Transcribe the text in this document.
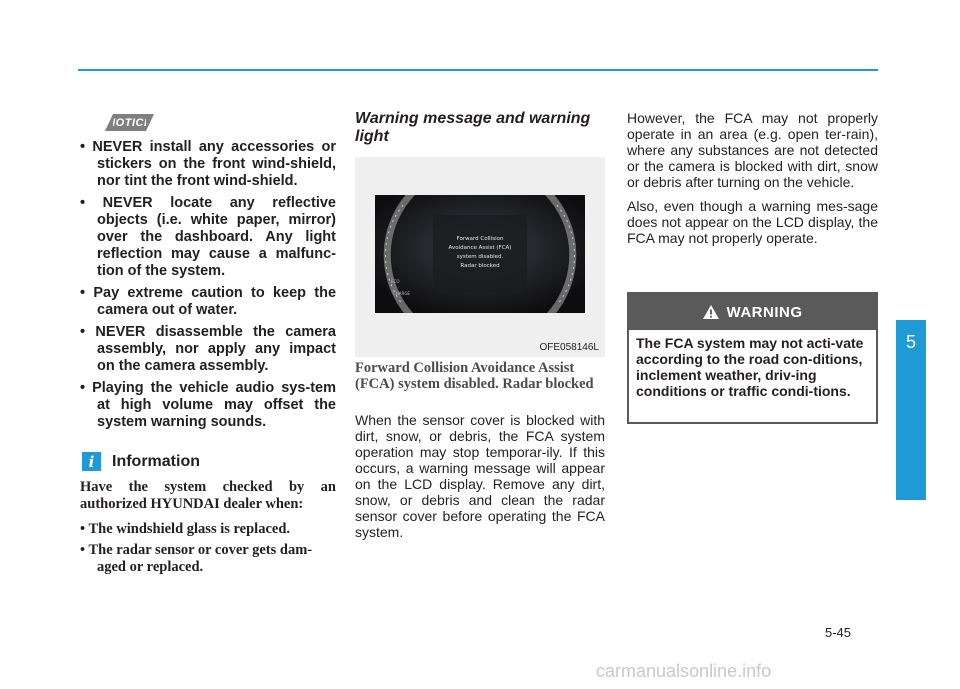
NOTICE
• NEVER install any accessories or stickers on the front wind-shield, nor tint the front wind-shield.
• NEVER locate any reflective objects (i.e. white paper, mirror) over the dashboard. Any light reflection may cause a malfunc-tion of the system.
• Pay extreme caution to keep the camera out of water.
• NEVER disassemble the camera assembly, nor apply any impact on the camera assembly.
• Playing the vehicle audio sys-tem at high volume may offset the system warning sounds.
i	Information

Have the system checked by an authorized HYUNDAI dealer when:

• The windshield glass is replaced.
• The radar sensor or cover gets dam-aged or replaced.
Warning message and warning light
Forward Collision
Avoidance Assist (FCA)
system disabled.
Radar blocked
ECO
CHARGE
OFE058146L
Forward Collision Avoidance Assist (FCA) system disabled. Radar blocked
When the sensor cover is blocked with dirt, snow, or debris, the FCA system operation may stop temporar-ily. If this occurs, a warning message will appear on the LCD display. Remove any dirt, snow, or debris and clean the radar sensor cover before operating the FCA system.

However, the FCA may not properly operate in an area (e.g. open ter-rain), where any substances are not detected or the camera is blocked with dirt, snow or debris after turning on the vehicle.

Also, even though a warning mes-sage does not appear on the LCD display, the FCA may not properly operate.

WARNING
The FCA system may not acti-vate according to the road con-ditions, inclement weather, driv-ing conditions or traffic condi-tions.
5
Driving your vehicle
5-45
carmanualsonline.info
